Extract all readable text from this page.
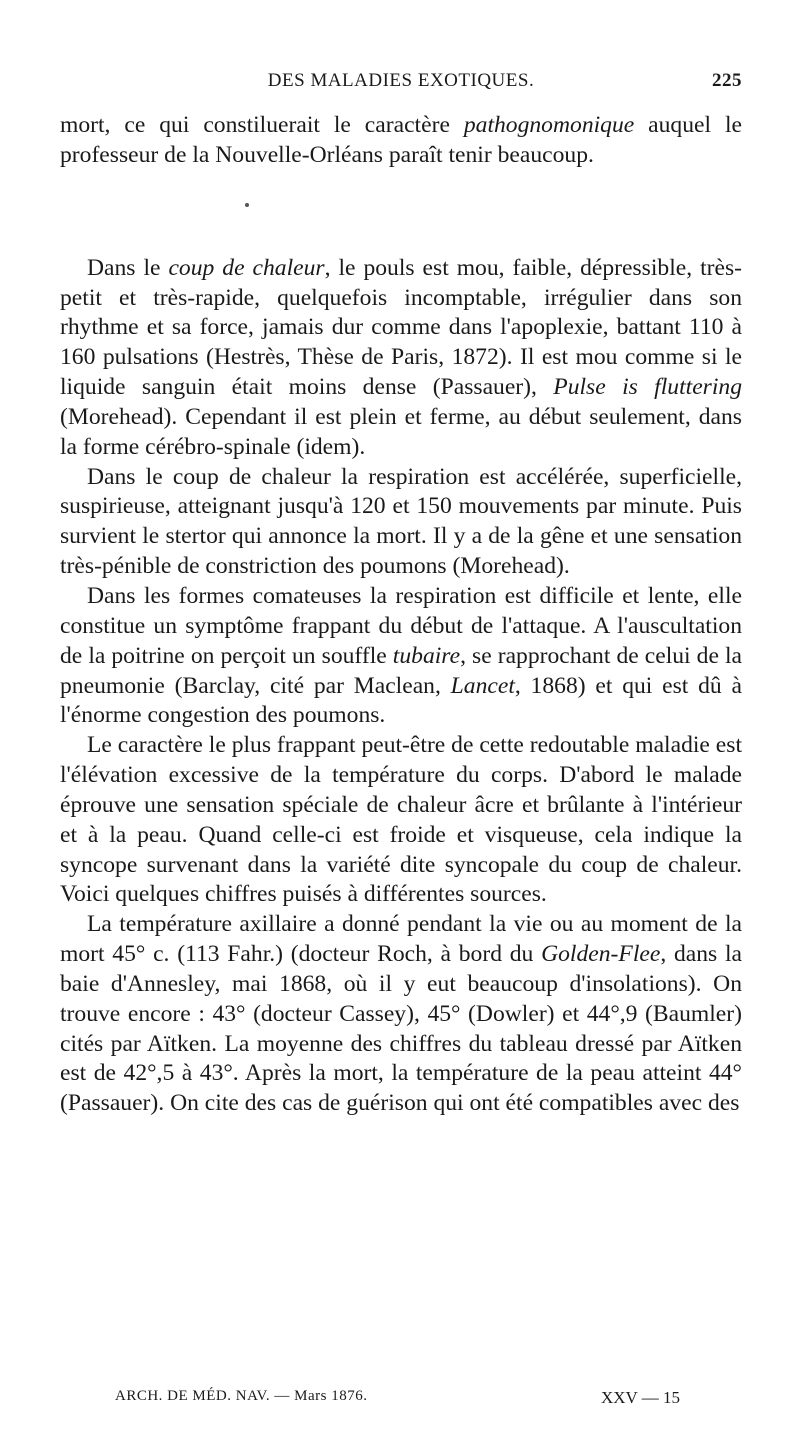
DES MALADIES EXOTIQUES.	225

mort, ce qui constiluerait le caractère pathognomonique auquel le professeur de la Nouvelle-Orléans paraît tenir beaucoup.

Dans le coup de chaleur, le pouls est mou, faible, dépressible, très-petit et très-rapide, quelquefois incomptable, irrégulier dans son rhythme et sa force, jamais dur comme dans l'apoplexie, battant 110 à 160 pulsations (Hestrès, Thèse de Paris, 1872). Il est mou comme si le liquide sanguin était moins dense (Passauer), Pulse is fluttering (Morehead). Cependant il est plein et ferme, au début seulement, dans la forme cérébro-spinale (idem).

Dans le coup de chaleur la respiration est accélérée, superficielle, suspirieuse, atteignant jusqu'à 120 et 150 mouvements par minute. Puis survient le stertor qui annonce la mort. Il y a de la gêne et une sensation très-pénible de constriction des poumons (Morehead).

Dans les formes comateuses la respiration est difficile et lente, elle constitue un symptôme frappant du début de l'attaque. A l'auscultation de la poitrine on perçoit un souffle tubaire, se rapprochant de celui de la pneumonie (Barclay, cité par Maclean, Lancet, 1868) et qui est dû à l'énorme congestion des poumons.

Le caractère le plus frappant peut-être de cette redoutable maladie est l'élévation excessive de la température du corps. D'abord le malade éprouve une sensation spéciale de chaleur âcre et brûlante à l'intérieur et à la peau. Quand celle-ci est froide et visqueuse, cela indique la syncope survenant dans la variété dite syncopale du coup de chaleur. Voici quelques chiffres puisés à différentes sources.

La température axillaire a donné pendant la vie ou au moment de la mort 45° c. (113 Fahr.) (docteur Roch, à bord du Golden-Flee, dans la baie d'Annesley, mai 1868, où il y eut beaucoup d'insolations). On trouve encore : 43° (docteur Cassey), 45° (Dowler) et 44°,9 (Baumler) cités par Aïtken. La moyenne des chiffres du tableau dressé par Aïtken est de 42°,5 à 43°. Après la mort, la température de la peau atteint 44° (Passauer). On cite des cas de guérison qui ont été compatibles avec des

ARCH. DE MÉD. NAV. — Mars 1876.	XXV — 15
